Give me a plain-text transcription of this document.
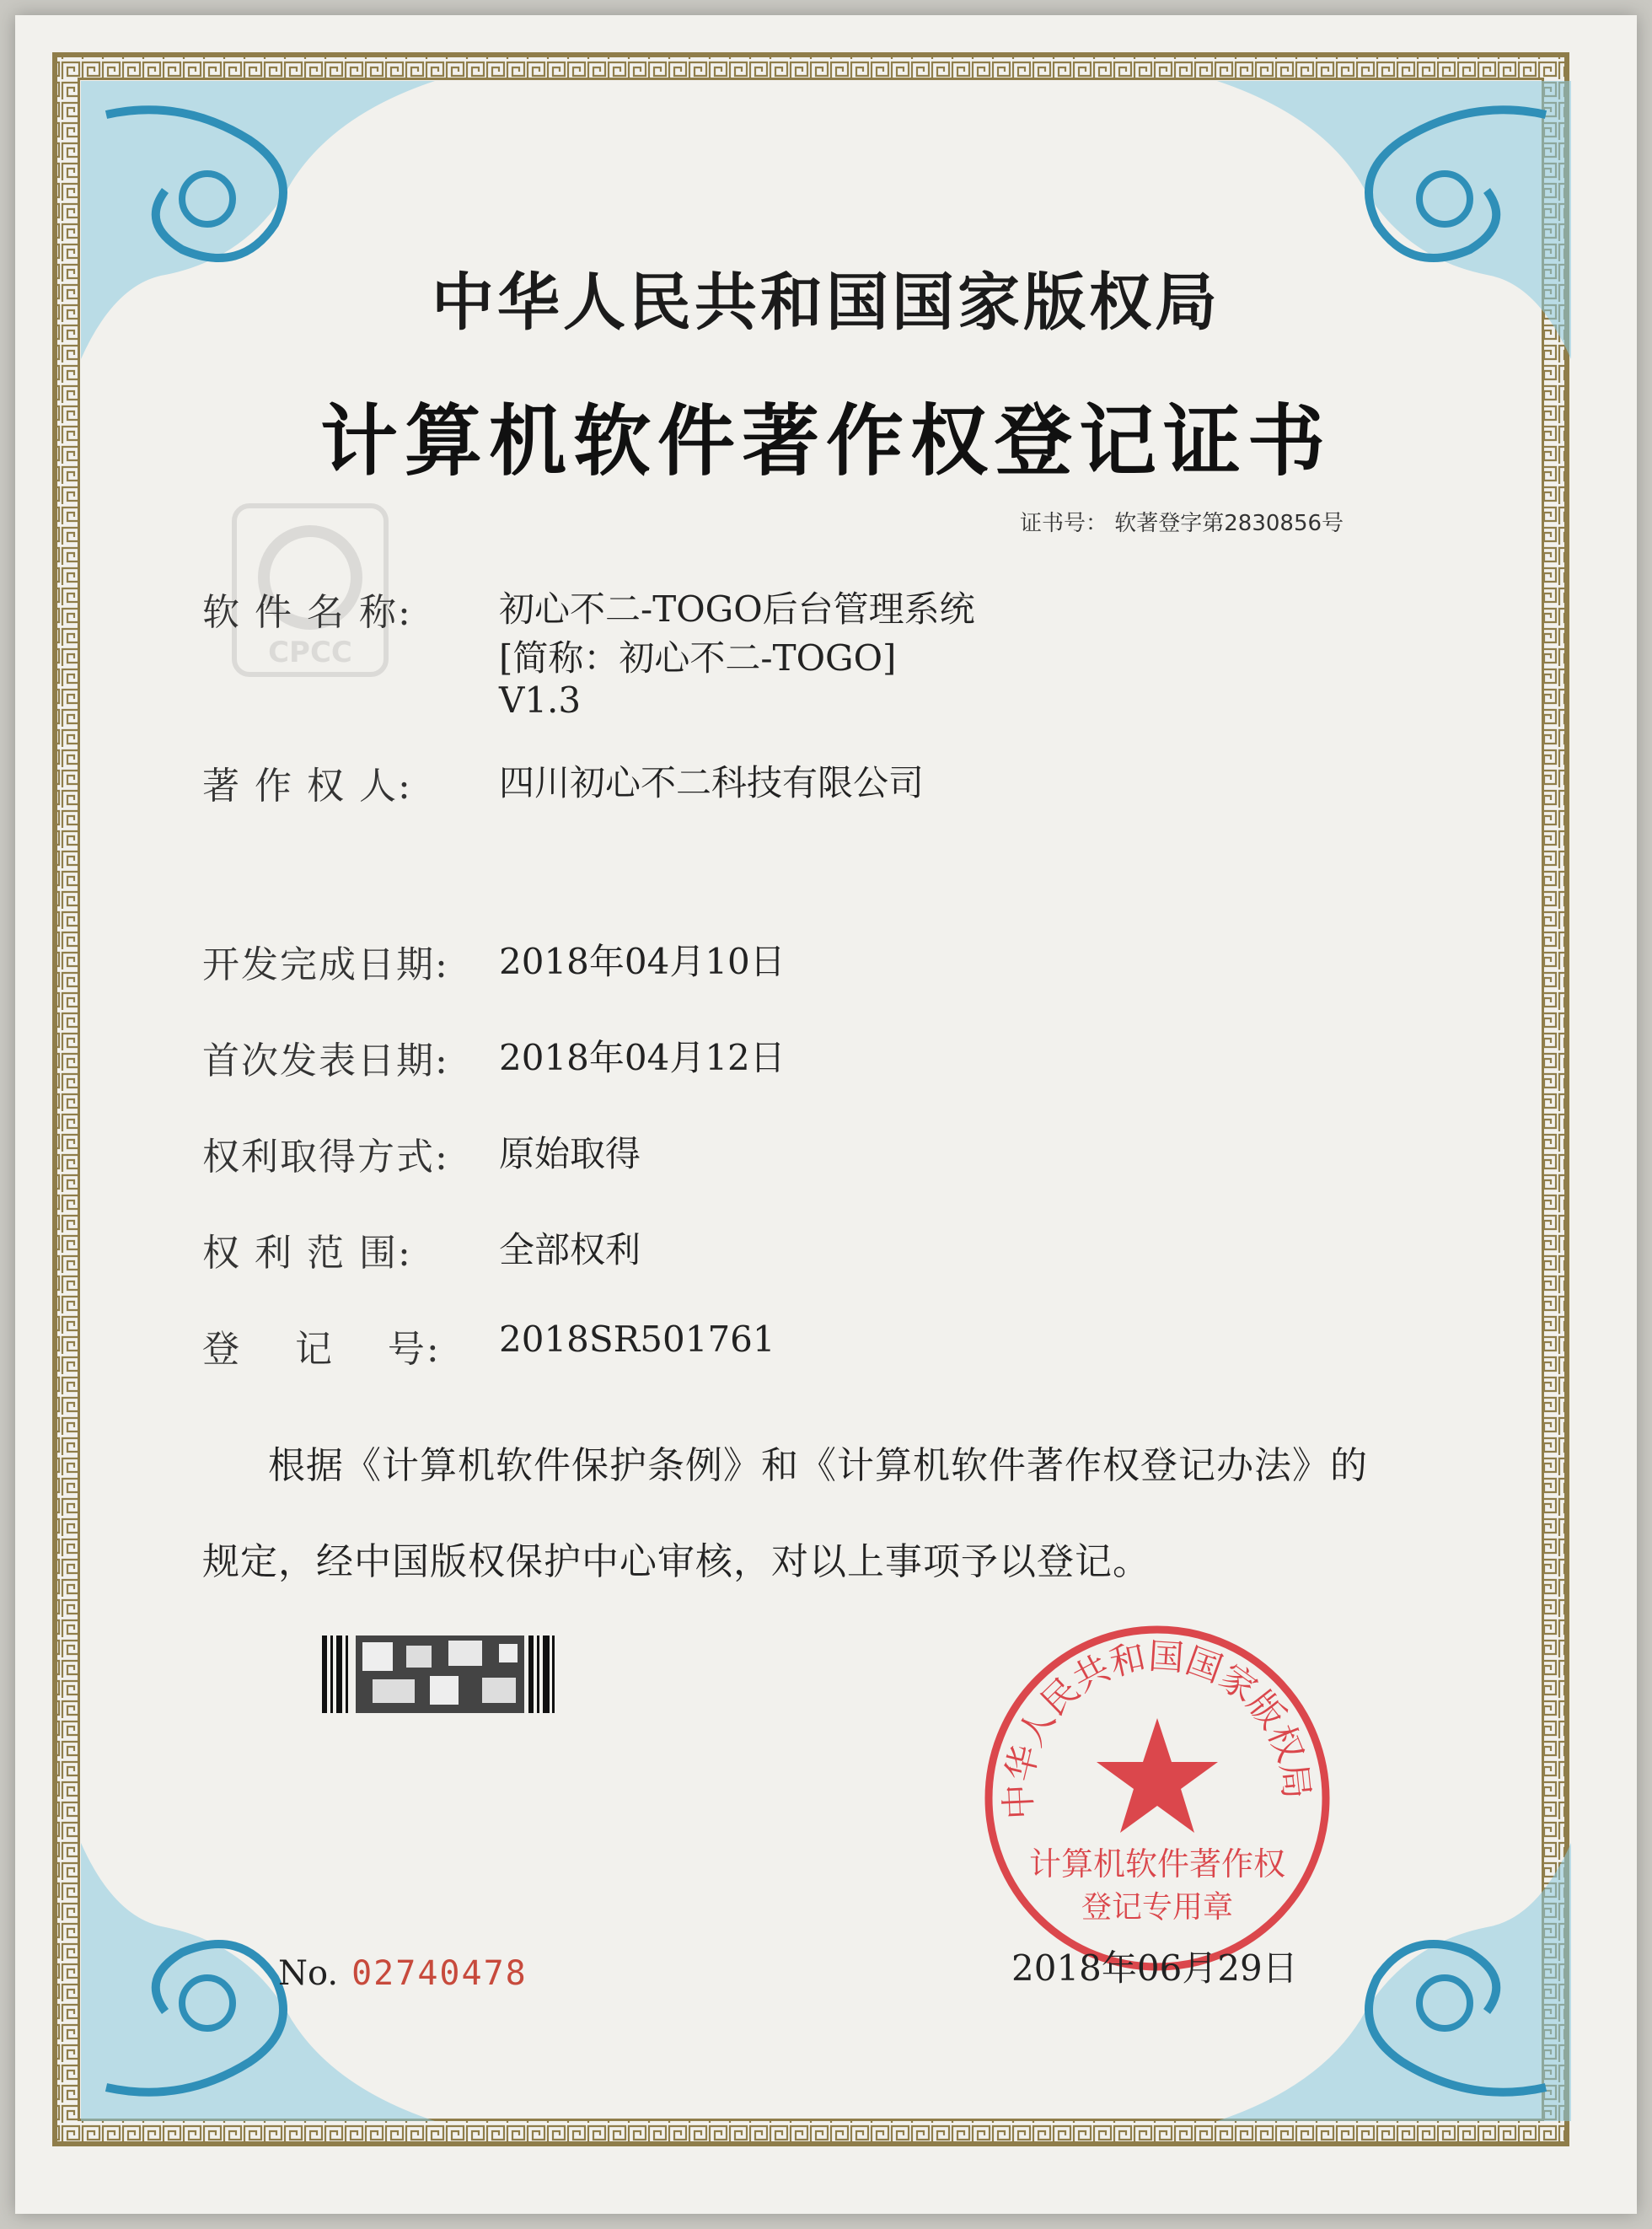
CPCC
中华人民共和国国家版权局
计算机软件著作权登记证书
证书号： 软著登字第2830856号
软 件 名 称: 初心不二-TOGO后台管理系统
[简称：初心不二-TOGO]
V1.3
著 作 权 人: 四川初心不二科技有限公司
开发完成日期: 2018年04月10日
首次发表日期: 2018年04月12日
权利取得方式: 原始取得
权 利 范 围: 全部权利
登    记    号: 2018SR501761
根据《计算机软件保护条例》和《计算机软件著作权登记办法》的
规定，经中国版权保护中心审核，对以上事项予以登记。
No. 02740478
中华人民共和国国家版权局
计算机软件著作权
登记专用章
2018年06月29日
